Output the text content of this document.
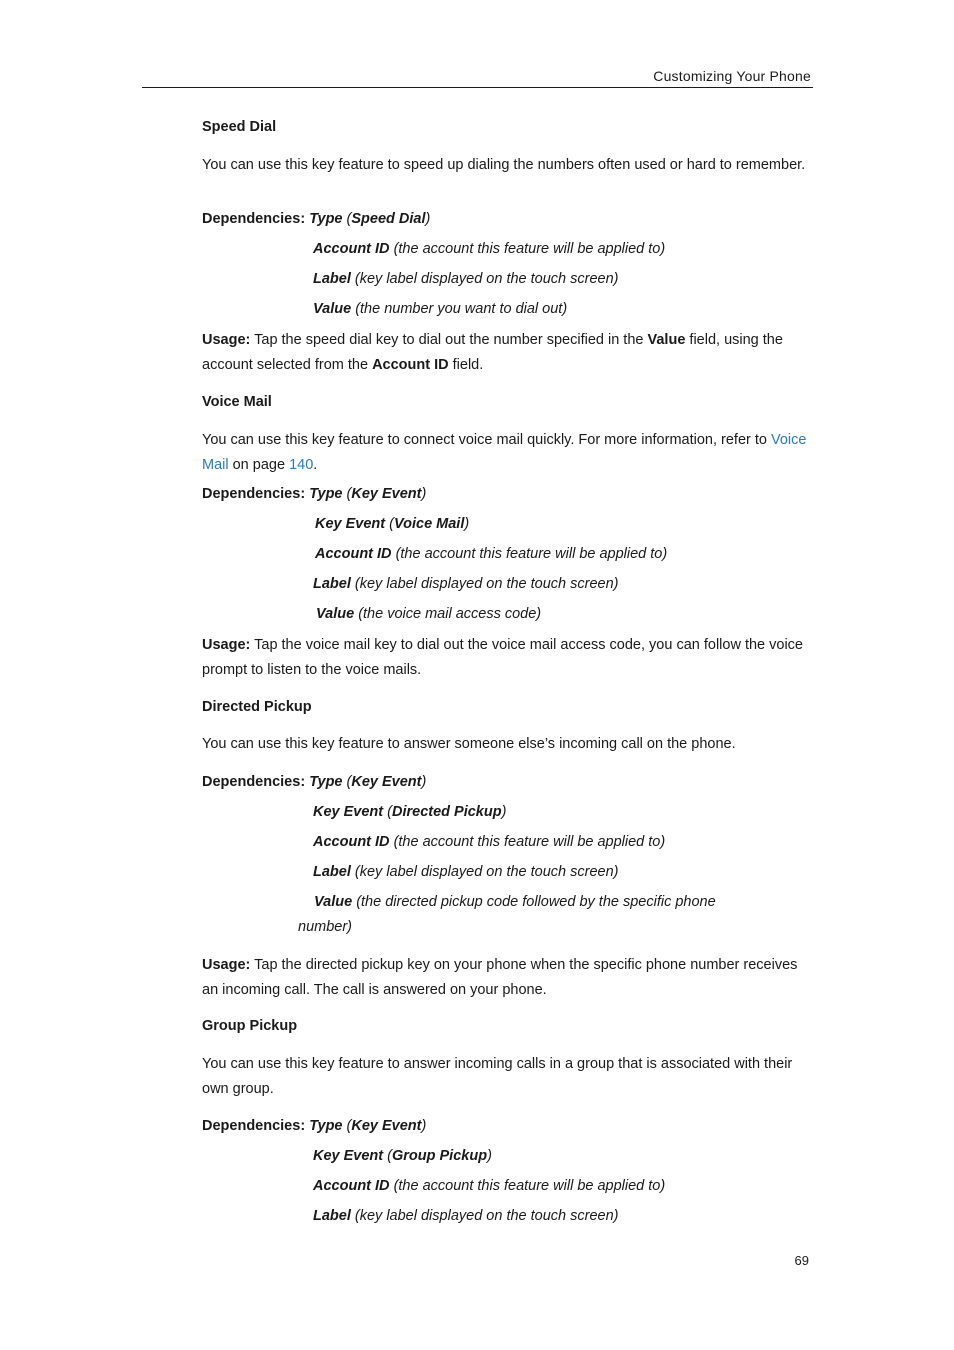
Customizing Your Phone
Speed Dial
You can use this key feature to speed up dialing the numbers often used or hard to remember.
Dependencies: Type (Speed Dial)
Account ID (the account this feature will be applied to)
Label (key label displayed on the touch screen)
Value (the number you want to dial out)
Usage: Tap the speed dial key to dial out the number specified in the Value field, using the account selected from the Account ID field.
Voice Mail
You can use this key feature to connect voice mail quickly. For more information, refer to Voice Mail on page 140.
Dependencies: Type (Key Event)
Key Event (Voice Mail)
Account ID (the account this feature will be applied to)
Label (key label displayed on the touch screen)
Value (the voice mail access code)
Usage: Tap the voice mail key to dial out the voice mail access code, you can follow the voice prompt to listen to the voice mails.
Directed Pickup
You can use this key feature to answer someone else’s incoming call on the phone.
Dependencies: Type (Key Event)
Key Event (Directed Pickup)
Account ID (the account this feature will be applied to)
Label (key label displayed on the touch screen)
Value (the directed pickup code followed by the specific phone
number)
Usage: Tap the directed pickup key on your phone when the specific phone number receives an incoming call. The call is answered on your phone.
Group Pickup
You can use this key feature to answer incoming calls in a group that is associated with their own group.
Dependencies: Type (Key Event)
Key Event (Group Pickup)
Account ID (the account this feature will be applied to)
Label (key label displayed on the touch screen)
69
